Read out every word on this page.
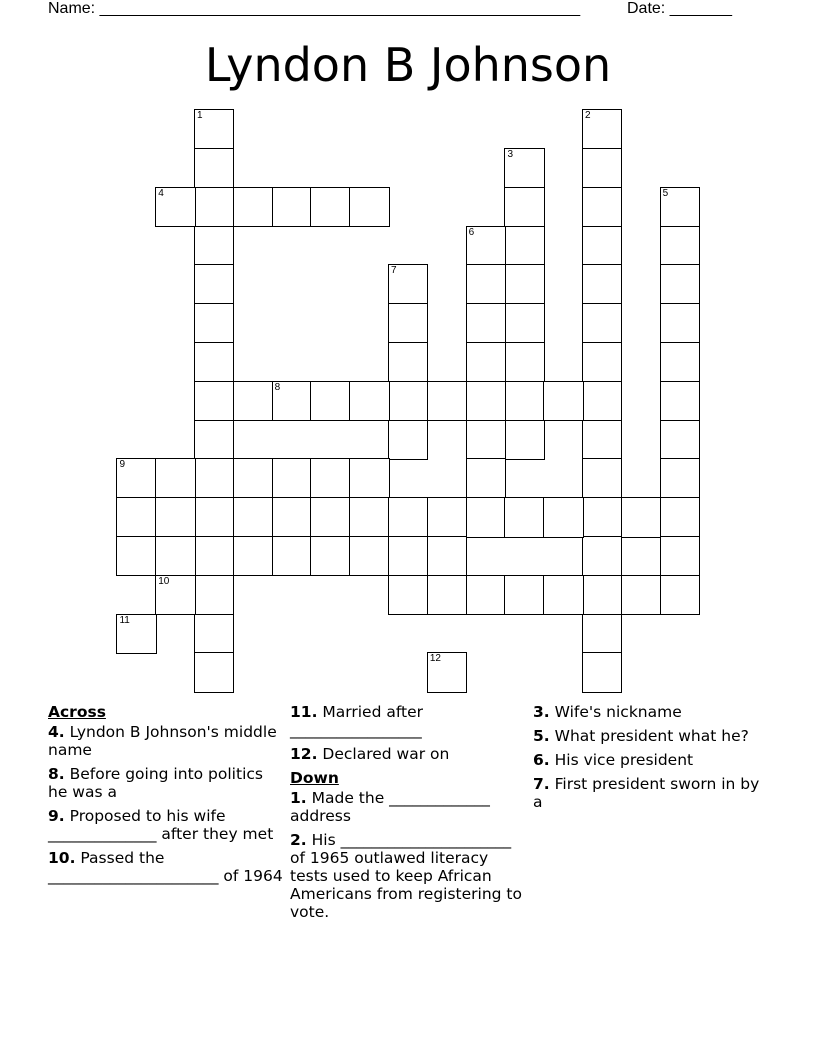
Name: ______________________________________________________	Date: _______
Lyndon B Johnson
1
4
2
3
5
6
7
8
9
10
11
12
Across
4. Lyndon B Johnson's middle name
8. Before going into politics he was a
9. Proposed to his wife ______________ after they met
10. Passed the ______________________ of 1964
11. Married after _________________
12. Declared war on
Down
1. Made the _____________ address
2. His ______________________ of 1965 outlawed literacy tests used to keep African Americans from registering to vote.
3. Wife's nickname
5. What president what he?
6. His vice president
7. First president sworn in by a
